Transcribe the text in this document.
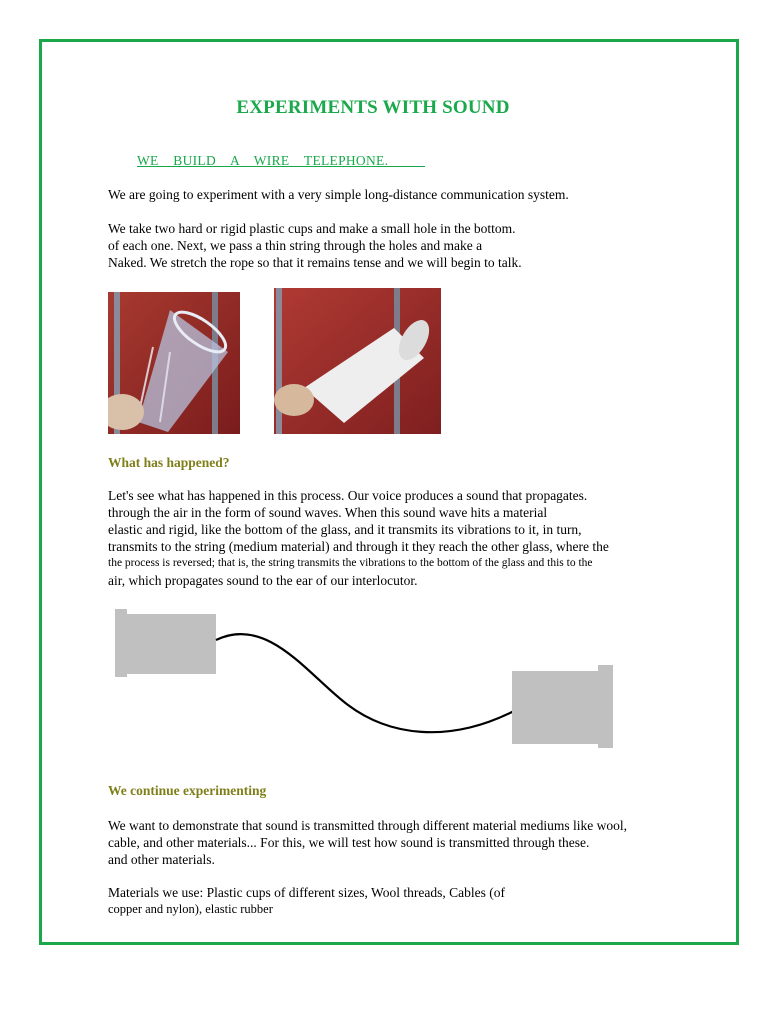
EXPERIMENTS WITH SOUND
WE    BUILD    A    WIRE    TELEPHONE.

We are going to experiment with a very simple long-distance communication system.

We take two hard or rigid plastic cups and make a small hole in the bottom.
of each one. Next, we pass a thin string through the holes and make a
Naked. We stretch the rope so that it remains tense and we will begin to talk.
What has happened?
Let's see what has happened in this process. Our voice produces a sound that propagates.
through the air in the form of sound waves. When this sound wave hits a material
elastic and rigid, like the bottom of the glass, and it transmits its vibrations to it, in turn,
transmits to the string (medium material) and through it they reach the other glass, where the
the process is reversed; that is, the string transmits the vibrations to the bottom of the glass and this to the
air, which propagates sound to the ear of our interlocutor.
We continue experimenting
We want to demonstrate that sound is transmitted through different material mediums like wool,
cable, and other materials... For this, we will test how sound is transmitted through these.
and other materials.
Materials we use: Plastic cups of different sizes, Wool threads, Cables (of
copper and nylon), elastic rubber
